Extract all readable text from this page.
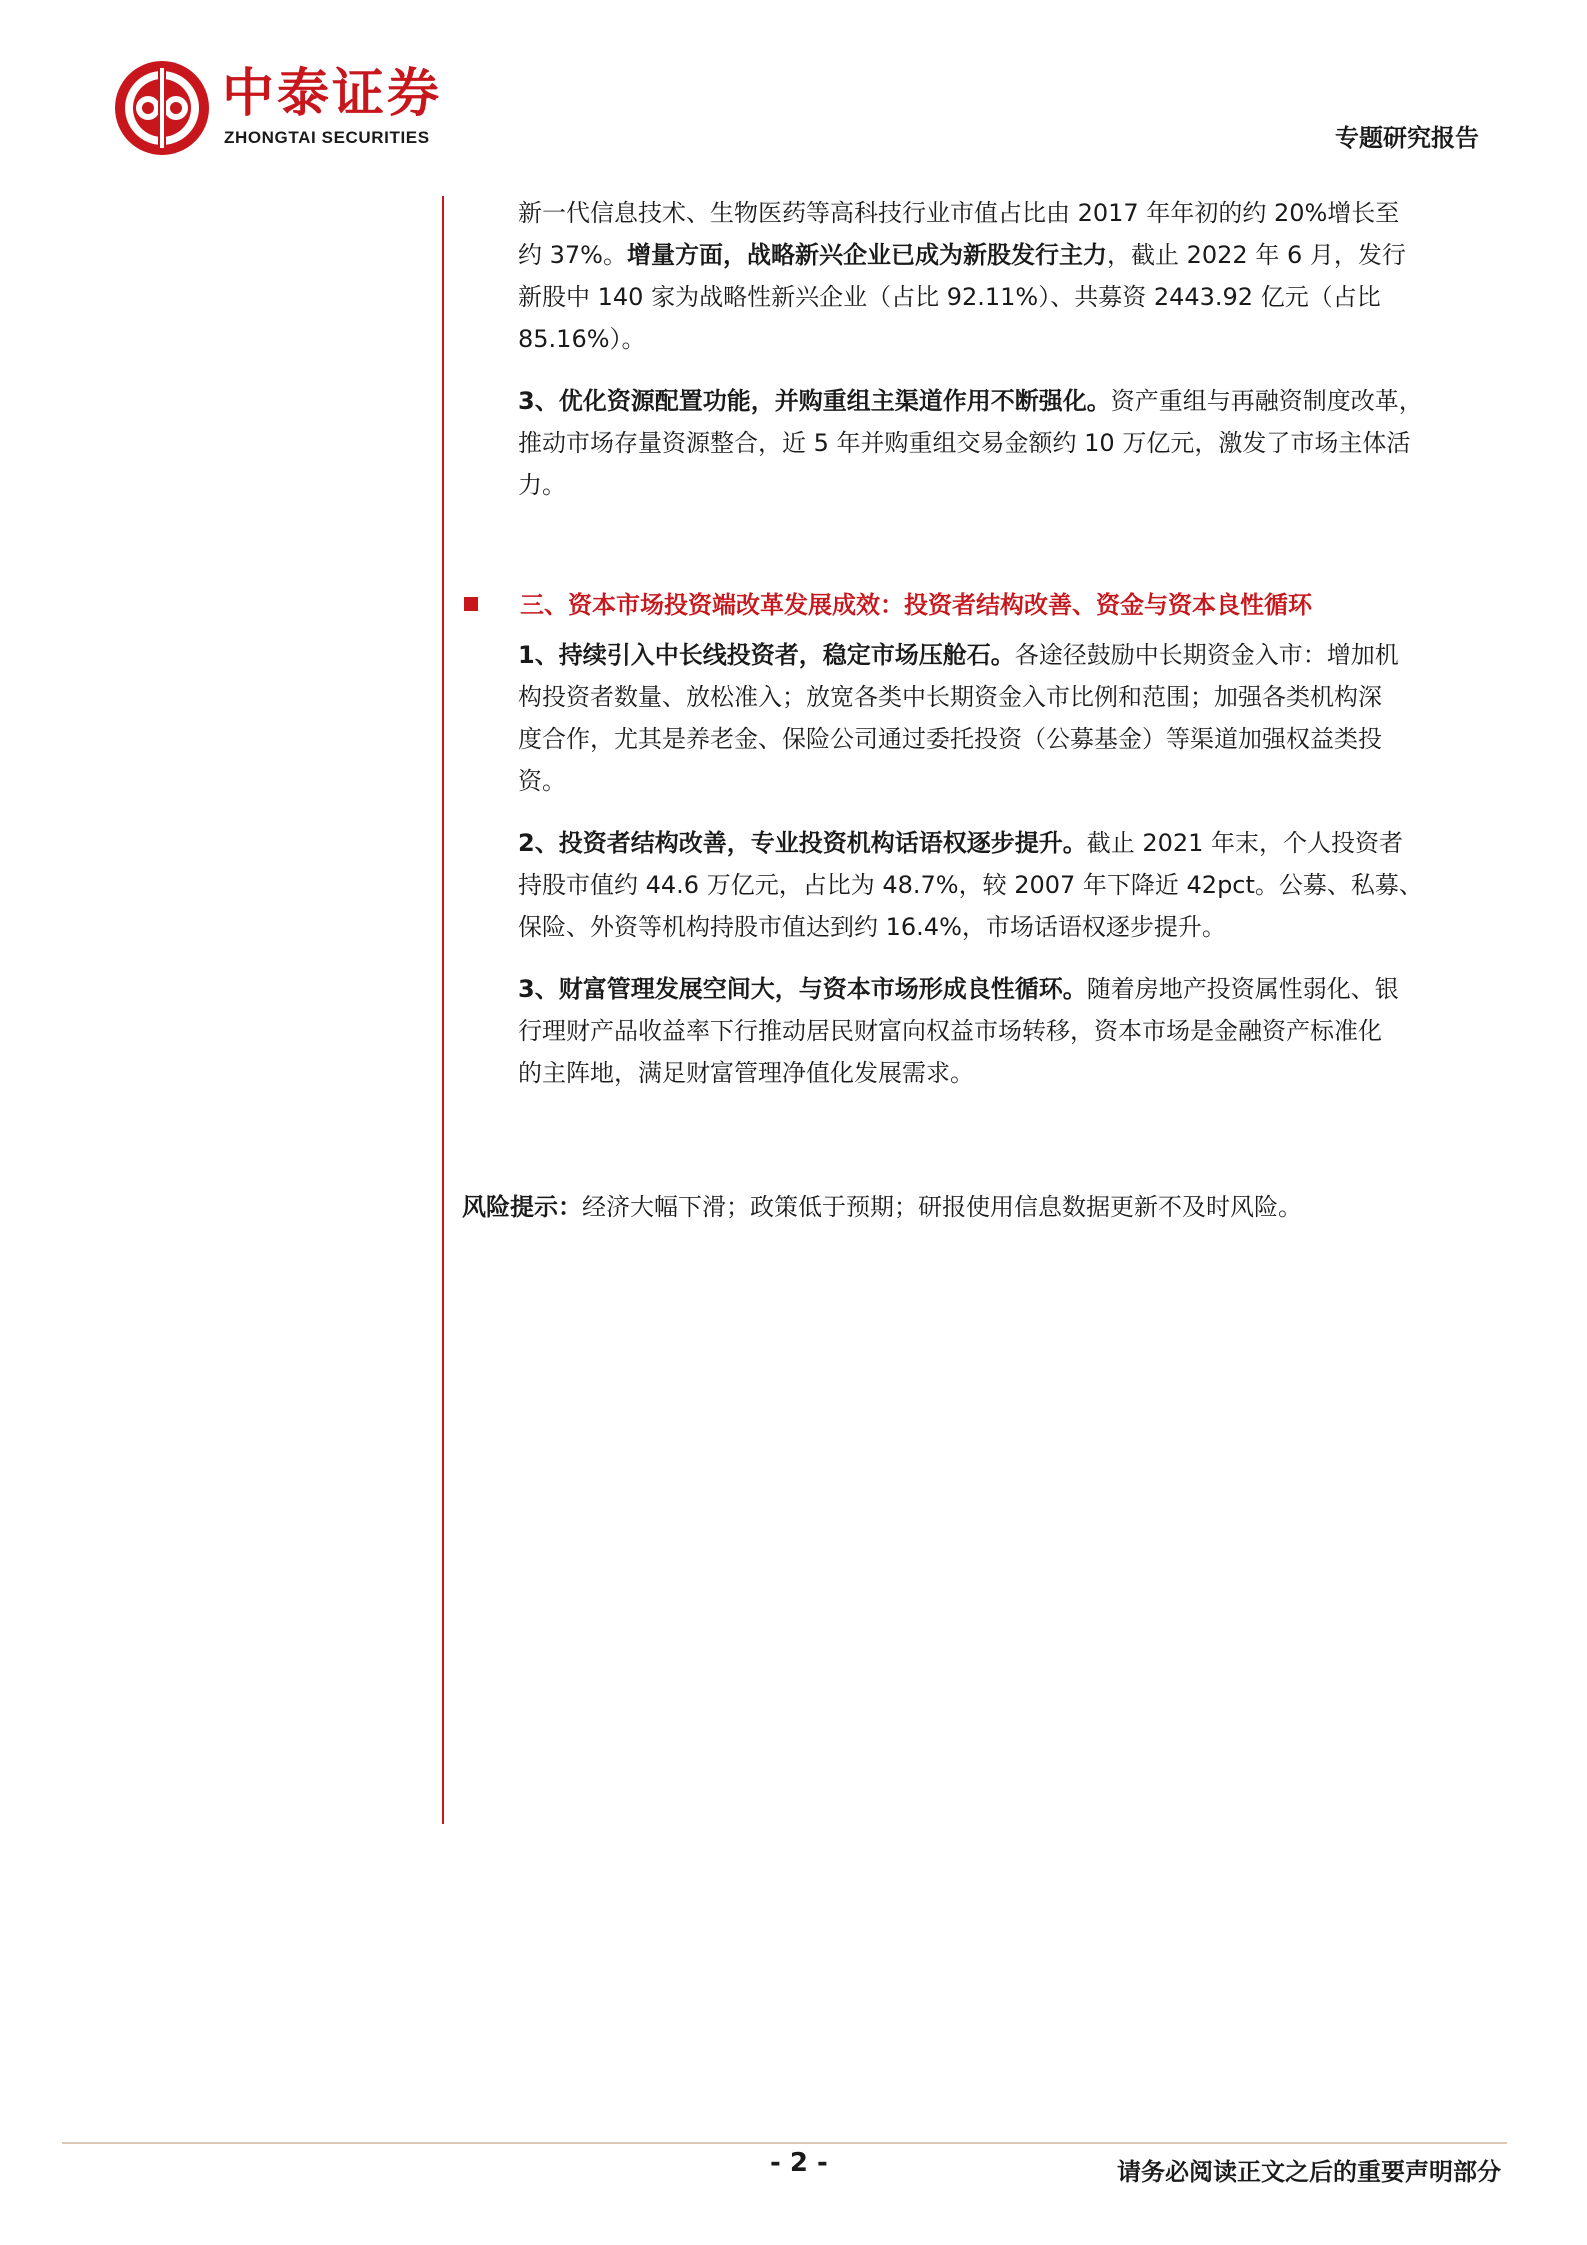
中泰证券
ZHONGTAI SECURITIES	专题研究报告

新一代信息技术、生物医药等高科技行业市值占比由 2017 年年初的约 20%增长至
约 37%。增量方面，战略新兴企业已成为新股发行主力，截止 2022 年 6 月，发行
新股中 140 家为战略性新兴企业（占比 92.11%）、共募资 2443.92 亿元（占比
85.16%）。

3、优化资源配置功能，并购重组主渠道作用不断强化。资产重组与再融资制度改革，
推动市场存量资源整合，近 5 年并购重组交易金额约 10 万亿元，激发了市场主体活
力。

三、资本市场投资端改革发展成效：投资者结构改善、资金与资本良性循环

1、持续引入中长线投资者，稳定市场压舱石。各途径鼓励中长期资金入市：增加机
构投资者数量、放松准入；放宽各类中长期资金入市比例和范围；加强各类机构深
度合作，尤其是养老金、保险公司通过委托投资（公募基金）等渠道加强权益类投
资。

2、投资者结构改善，专业投资机构话语权逐步提升。截止 2021 年末，个人投资者
持股市值约 44.6 万亿元，占比为 48.7%，较 2007 年下降近 42pct。公募、私募、
保险、外资等机构持股市值达到约 16.4%，市场话语权逐步提升。

3、财富管理发展空间大，与资本市场形成良性循环。随着房地产投资属性弱化、银
行理财产品收益率下行推动居民财富向权益市场转移，资本市场是金融资产标准化
的主阵地，满足财富管理净值化发展需求。

风险提示：经济大幅下滑；政策低于预期；研报使用信息数据更新不及时风险。
- 2 -	请务必阅读正文之后的重要声明部分
